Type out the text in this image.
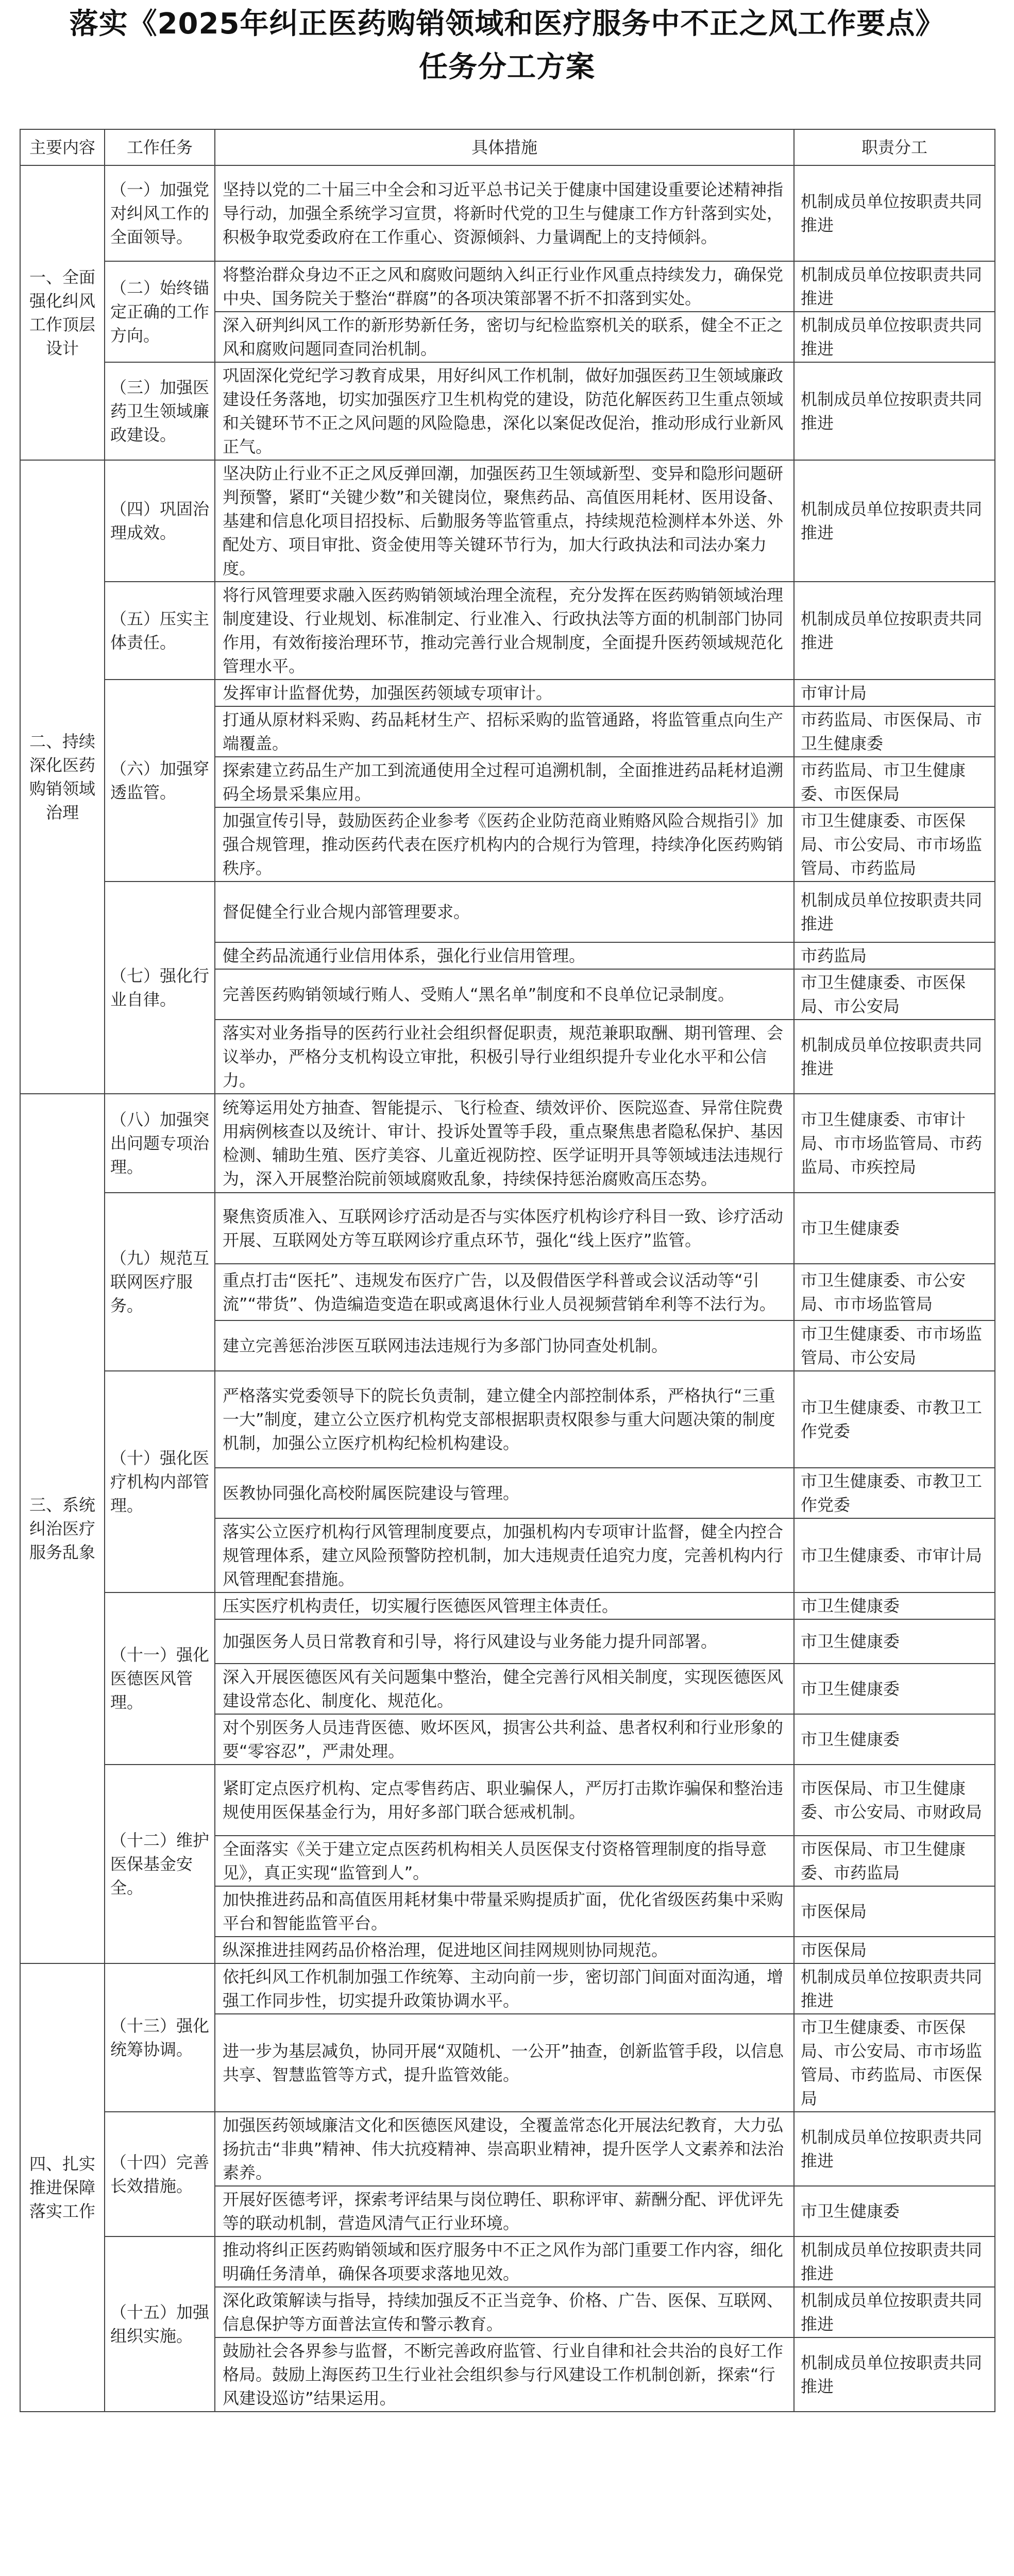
落实《2025年纠正医药购销领域和医疗服务中不正之风工作要点》
任务分工方案
主要内容	工作任务	具体措施	职责分工
一、全面强化纠风工作顶层设计	（一）加强党对纠风工作的全面领导。	坚持以党的二十届三中全会和习近平总书记关于健康中国建设重要论述精神指导行动，加强全系统学习宣贯，将新时代党的卫生与健康工作方针落到实处，积极争取党委政府在工作重心、资源倾斜、力量调配上的支持倾斜。	机制成员单位按职责共同推进
	（二）始终锚定正确的工作方向。	将整治群众身边不正之风和腐败问题纳入纠正行业作风重点持续发力，确保党中央、国务院关于整治“群腐”的各项决策部署不折不扣落到实处。	机制成员单位按职责共同推进
		深入研判纠风工作的新形势新任务，密切与纪检监察机关的联系，健全不正之风和腐败问题同查同治机制。	机制成员单位按职责共同推进
	（三）加强医药卫生领域廉政建设。	巩固深化党纪学习教育成果，用好纠风工作机制，做好加强医药卫生领域廉政建设任务落地，切实加强医疗卫生机构党的建设，防范化解医药卫生重点领域和关键环节不正之风问题的风险隐患，深化以案促改促治，推动形成行业新风正气。	机制成员单位按职责共同推进
二、持续深化医药购销领域治理	（四）巩固治理成效。	坚决防止行业不正之风反弹回潮，加强医药卫生领域新型、变异和隐形问题研判预警，紧盯“关键少数”和关键岗位，聚焦药品、高值医用耗材、医用设备、基建和信息化项目招投标、后勤服务等监管重点，持续规范检测样本外送、外配处方、项目审批、资金使用等关键环节行为，加大行政执法和司法办案力度。	机制成员单位按职责共同推进
	（五）压实主体责任。	将行风管理要求融入医药购销领域治理全流程，充分发挥在医药购销领域治理制度建设、行业规划、标准制定、行业准入、行政执法等方面的机制部门协同作用，有效衔接治理环节，推动完善行业合规制度，全面提升医药领域规范化管理水平。	机制成员单位按职责共同推进
	（六）加强穿透监管。	发挥审计监督优势，加强医药领域专项审计。	市审计局
		打通从原材料采购、药品耗材生产、招标采购的监管通路，将监管重点向生产端覆盖。	市药监局、市医保局、市卫生健康委
		探索建立药品生产加工到流通使用全过程可追溯机制，全面推进药品耗材追溯码全场景采集应用。	市药监局、市卫生健康委、市医保局
		加强宣传引导，鼓励医药企业参考《医药企业防范商业贿赂风险合规指引》加强合规管理，推动医药代表在医疗机构内的合规行为管理，持续净化医药购销秩序。	市卫生健康委、市医保局、市公安局、市市场监管局、市药监局
	（七）强化行业自律。	督促健全行业合规内部管理要求。	机制成员单位按职责共同推进
		健全药品流通行业信用体系，强化行业信用管理。	市药监局
		完善医药购销领域行贿人、受贿人“黑名单”制度和不良单位记录制度。	市卫生健康委、市医保局、市公安局
		落实对业务指导的医药行业社会组织督促职责，规范兼职取酬、期刊管理、会议举办，严格分支机构设立审批，积极引导行业组织提升专业化水平和公信力。	机制成员单位按职责共同推进
三、系统纠治医疗服务乱象	（八）加强突出问题专项治理。	统筹运用处方抽查、智能提示、飞行检查、绩效评价、医院巡查、异常住院费用病例核查以及统计、审计、投诉处置等手段，重点聚焦患者隐私保护、基因检测、辅助生殖、医疗美容、儿童近视防控、医学证明开具等领域违法违规行为，深入开展整治院前领域腐败乱象，持续保持惩治腐败高压态势。	市卫生健康委、市审计局、市市场监管局、市药监局、市疾控局
	（九）规范互联网医疗服务。	聚焦资质准入、互联网诊疗活动是否与实体医疗机构诊疗科目一致、诊疗活动开展、互联网处方等互联网诊疗重点环节，强化“线上医疗”监管。	市卫生健康委
		重点打击“医托”、违规发布医疗广告，以及假借医学科普或会议活动等“引流”“带货”、伪造编造变造在职或离退休行业人员视频营销牟利等不法行为。	市卫生健康委、市公安局、市市场监管局
		建立完善惩治涉医互联网违法违规行为多部门协同查处机制。	市卫生健康委、市市场监管局、市公安局
	（十）强化医疗机构内部管理。	严格落实党委领导下的院长负责制，建立健全内部控制体系，严格执行“三重一大”制度，建立公立医疗机构党支部根据职责权限参与重大问题决策的制度机制，加强公立医疗机构纪检机构建设。	市卫生健康委、市教卫工作党委
		医教协同强化高校附属医院建设与管理。	市卫生健康委、市教卫工作党委
		落实公立医疗机构行风管理制度要点，加强机构内专项审计监督，健全内控合规管理体系，建立风险预警防控机制，加大违规责任追究力度，完善机构内行风管理配套措施。	市卫生健康委、市审计局
	（十一）强化医德医风管理。	压实医疗机构责任，切实履行医德医风管理主体责任。	市卫生健康委
		加强医务人员日常教育和引导，将行风建设与业务能力提升同部署。	市卫生健康委
		深入开展医德医风有关问题集中整治，健全完善行风相关制度，实现医德医风建设常态化、制度化、规范化。	市卫生健康委
		对个别医务人员违背医德、败坏医风，损害公共利益、患者权利和行业形象的要“零容忍”，严肃处理。	市卫生健康委
	（十二）维护医保基金安全。	紧盯定点医疗机构、定点零售药店、职业骗保人，严厉打击欺诈骗保和整治违规使用医保基金行为，用好多部门联合惩戒机制。	市医保局、市卫生健康委、市公安局、市财政局
		全面落实《关于建立定点医药机构相关人员医保支付资格管理制度的指导意见》，真正实现“监管到人”。	市医保局、市卫生健康委、市药监局
		加快推进药品和高值医用耗材集中带量采购提质扩面，优化省级医药集中采购平台和智能监管平台。	市医保局
		纵深推进挂网药品价格治理，促进地区间挂网规则协同规范。	市医保局
四、扎实推进保障落实工作	（十三）强化统筹协调。	依托纠风工作机制加强工作统筹、主动向前一步，密切部门间面对面沟通，增强工作同步性，切实提升政策协调水平。	机制成员单位按职责共同推进
		进一步为基层减负，协同开展“双随机、一公开”抽查，创新监管手段，以信息共享、智慧监管等方式，提升监管效能。	市卫生健康委、市医保局、市公安局、市市场监管局、市药监局、市医保局
	（十四）完善长效措施。	加强医药领域廉洁文化和医德医风建设，全覆盖常态化开展法纪教育，大力弘扬抗击“非典”精神、伟大抗疫精神、崇高职业精神，提升医学人文素养和法治素养。	机制成员单位按职责共同推进
		开展好医德考评，探索考评结果与岗位聘任、职称评审、薪酬分配、评优评先等的联动机制，营造风清气正行业环境。	市卫生健康委
	（十五）加强组织实施。	推动将纠正医药购销领域和医疗服务中不正之风作为部门重要工作内容，细化明确任务清单，确保各项要求落地见效。	机制成员单位按职责共同推进
		深化政策解读与指导，持续加强反不正当竞争、价格、广告、医保、互联网、信息保护等方面普法宣传和警示教育。	机制成员单位按职责共同推进
		鼓励社会各界参与监督，不断完善政府监管、行业自律和社会共治的良好工作格局。鼓励上海医药卫生行业社会组织参与行风建设工作机制创新，探索“行风建设巡访”结果运用。	机制成员单位按职责共同推进
